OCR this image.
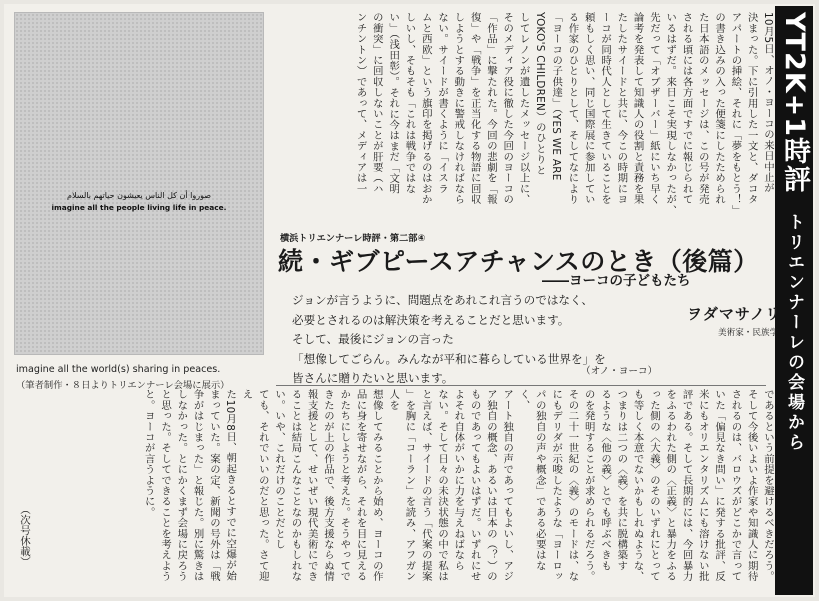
YT2K+1時評
トリエンナーレの会場から
10月5日、オノ・ヨーコの来日中止が
決まった。下に引用した一文と、ダコタ
アパートの挿絵、それに「夢をもとう！」
の書き込みの入った便箋にしたためられ
た日本語のメッセージは、この号が発売
される頃には各方面ですでに報じられて
いるはずだ。来日こそ実現しなかったが、
先だって「オブザーバー」紙にいち早く
論考を発表して知識人の役割と責務を果
たしたサイードと共に、今この時期にヨ
ーコが同時代人として生きていることを
頼もしく思い、同じ国際展に参加してい
る作家のひとりとして、そしてなにより
「ヨーコの子供達」（YES WE ARE
YOKO'S CHILDREN）のひとりと
してレノンが遺したメッセージ以上に、
そのメディア役に徹した今回のヨーコの
「作品」に撃たれた。今回の悲劇を「報
復」や「戦争」を正当化する物語に回収
しようとする動きに警戒しなければなら
ない。サイードが書くように「イスラ
ムと西欧」という旗印を掲げるのはおか
しいし、そもそも「これは戦争ではな
い」（浅田彰）。それに今はまだ「文明
の衝突」に回収しないことが肝要（ハ
ンチントン）であって、メディアは一
صوروا أن كل الناس يعيشون حياتهم بالسلام
imagine all the people living life in peace.
imagine all the world(s) sharing in peaces.
（筆者制作・８日よりトリエンナーレ会場に展示）
横浜トリエンナーレ時評・第二部④
続・ギブピースアチャンスのとき（後篇）
――ヨーコの子どもたち
ジョンが言うように、問題点をあれこれ言うのではなく、
必要とされるのは解決策を考えることだと思います。
そして、最後にジョンの言った
「想像してごらん。みんなが平和に暮らしている世界を」を
皆さんに贈りたいと思います。	（オノ・ヨーコ）
ヲダマサノリ
美術家・民族学
であるという前提を避けるべきだろう。
そして今後いよいよ作家や知識人に期待
されるのは、バロウズがどこかで言って
いた「偏見なき問い」に発する批評、反
米にもオリエンタリズムにも溶けない批
評である。そして長期的には、今回暴力
をふるわれた側の〈正義〉と暴力をふる
った側の〈大義〉のそのいずれにとって
も等しく本意でないかもしれぬような、
つまりは二つの〈義〉を共に脱構築す
るような〈他の義〉とでも呼ぶべきも
のを発明することが求められるだろう。
その二十一世紀の〈義〉のモードは、な
にもデリダが示唆したような「ヨーロッ
パの独自の声や概念」である必要はなく、
アート独自の声であってもよいし、アジ
ア独自の概念、あるいは日本の（？）の
ものであってもよいはずだ。いずれにせ
よそれ自体がいかに力を与えねばなら
ない。そして日々の未決状態の中で私は
と言えば、サイードの言う「代案の提案
」を胸に「コーラン」を読み、アフガン人を
想像してみることから始め、ヨーコの作
品に身を寄せながら、それを目に見える
かたちにしようと考えた。そうやってで
きたのが上の作品で、後方支援ならぬ情
報支援として、せいぜい現代美術にでき
ることは結局こんなことなのかもしれな
い。いや、これだけのことだとし
ても、それでいいのだと思った。さて迎え
た10月8日、朝起きるとすでに空爆が始
まっていた。案の定、新聞の号外は「戦
争がはじまった」と報じた。別に驚きは
しなかった。とにかくまず会場に戻ろう
と思った。そしてできることを考えよう
と。ヨーコが言うように。
（次号休載）
